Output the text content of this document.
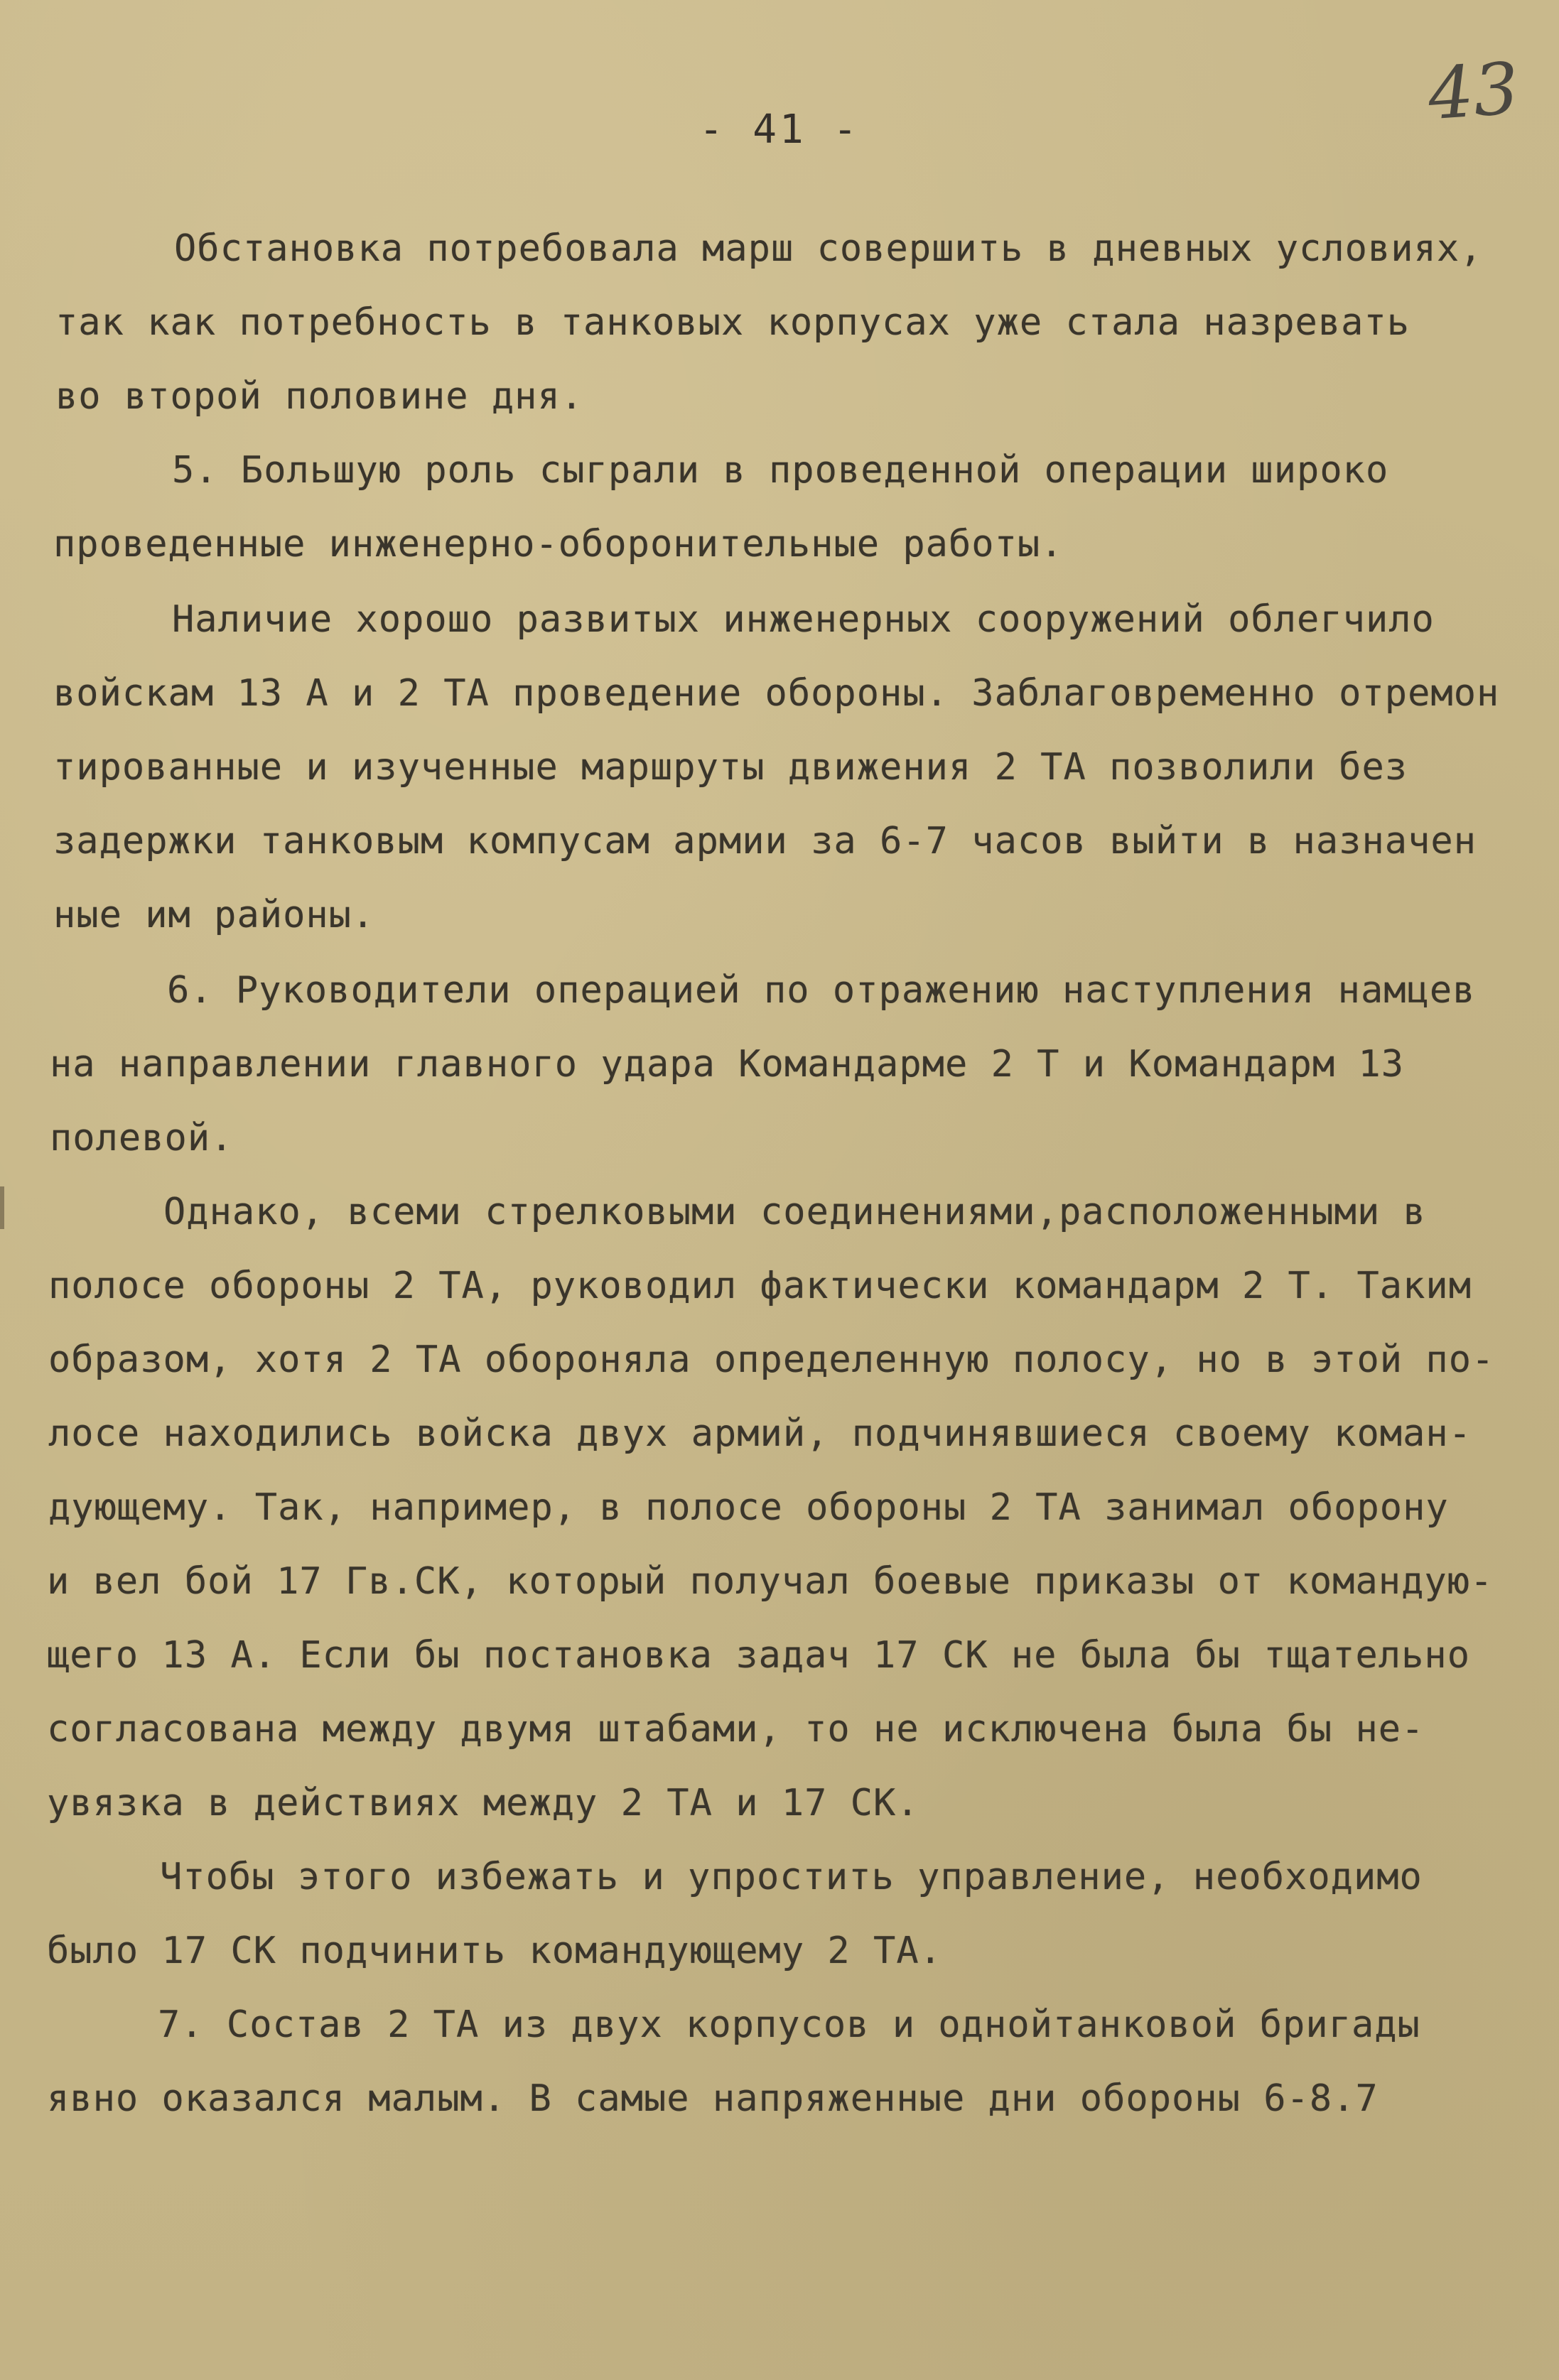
- 41 -	43
Обстановка потребовала марш совершить в дневных условиях,
так как потребность в танковых корпусах уже стала назревать
во второй половине дня.
5. Большую роль сыграли в проведенной операции широко
проведенные инженерно-оборонительные работы.
Наличие хорошо развитых инженерных сооружений облегчило
войскам 13 А и 2 ТА проведение обороны. Заблаговременно отремон
тированные и изученные маршруты движения 2 ТА позволили без
задержки танковым компусам армии за 6-7 часов выйти в назначен
ные им районы.
6. Руководители операцией по отражению наступления намцев
на направлении главного удара Командарме 2 Т и Командарм 13
полевой.
Однако, всеми стрелковыми соединениями,расположенными в
полосе обороны 2 ТА, руководил фактически командарм 2 Т. Таким
образом, хотя 2 ТА обороняла определенную полосу, но в этой по-
лосе находились войска двух армий, подчинявшиеся своему коман-
дующему. Так, например, в полосе обороны 2 ТА занимал оборону
и вел бой 17 Гв.СК, который получал боевые приказы от командую-
щего 13 А. Если бы постановка задач 17 СК не была бы тщательно
согласована между двумя штабами, то не исключена была бы не-
увязка в действиях между 2 ТА и 17 СК.
Чтобы этого избежать и упростить управление, необходимо
было 17 СК подчинить командующему 2 ТА.
7. Состав 2 ТА из двух корпусов и однойтанковой бригады
явно оказался малым. В самые напряженные дни обороны 6-8.7
